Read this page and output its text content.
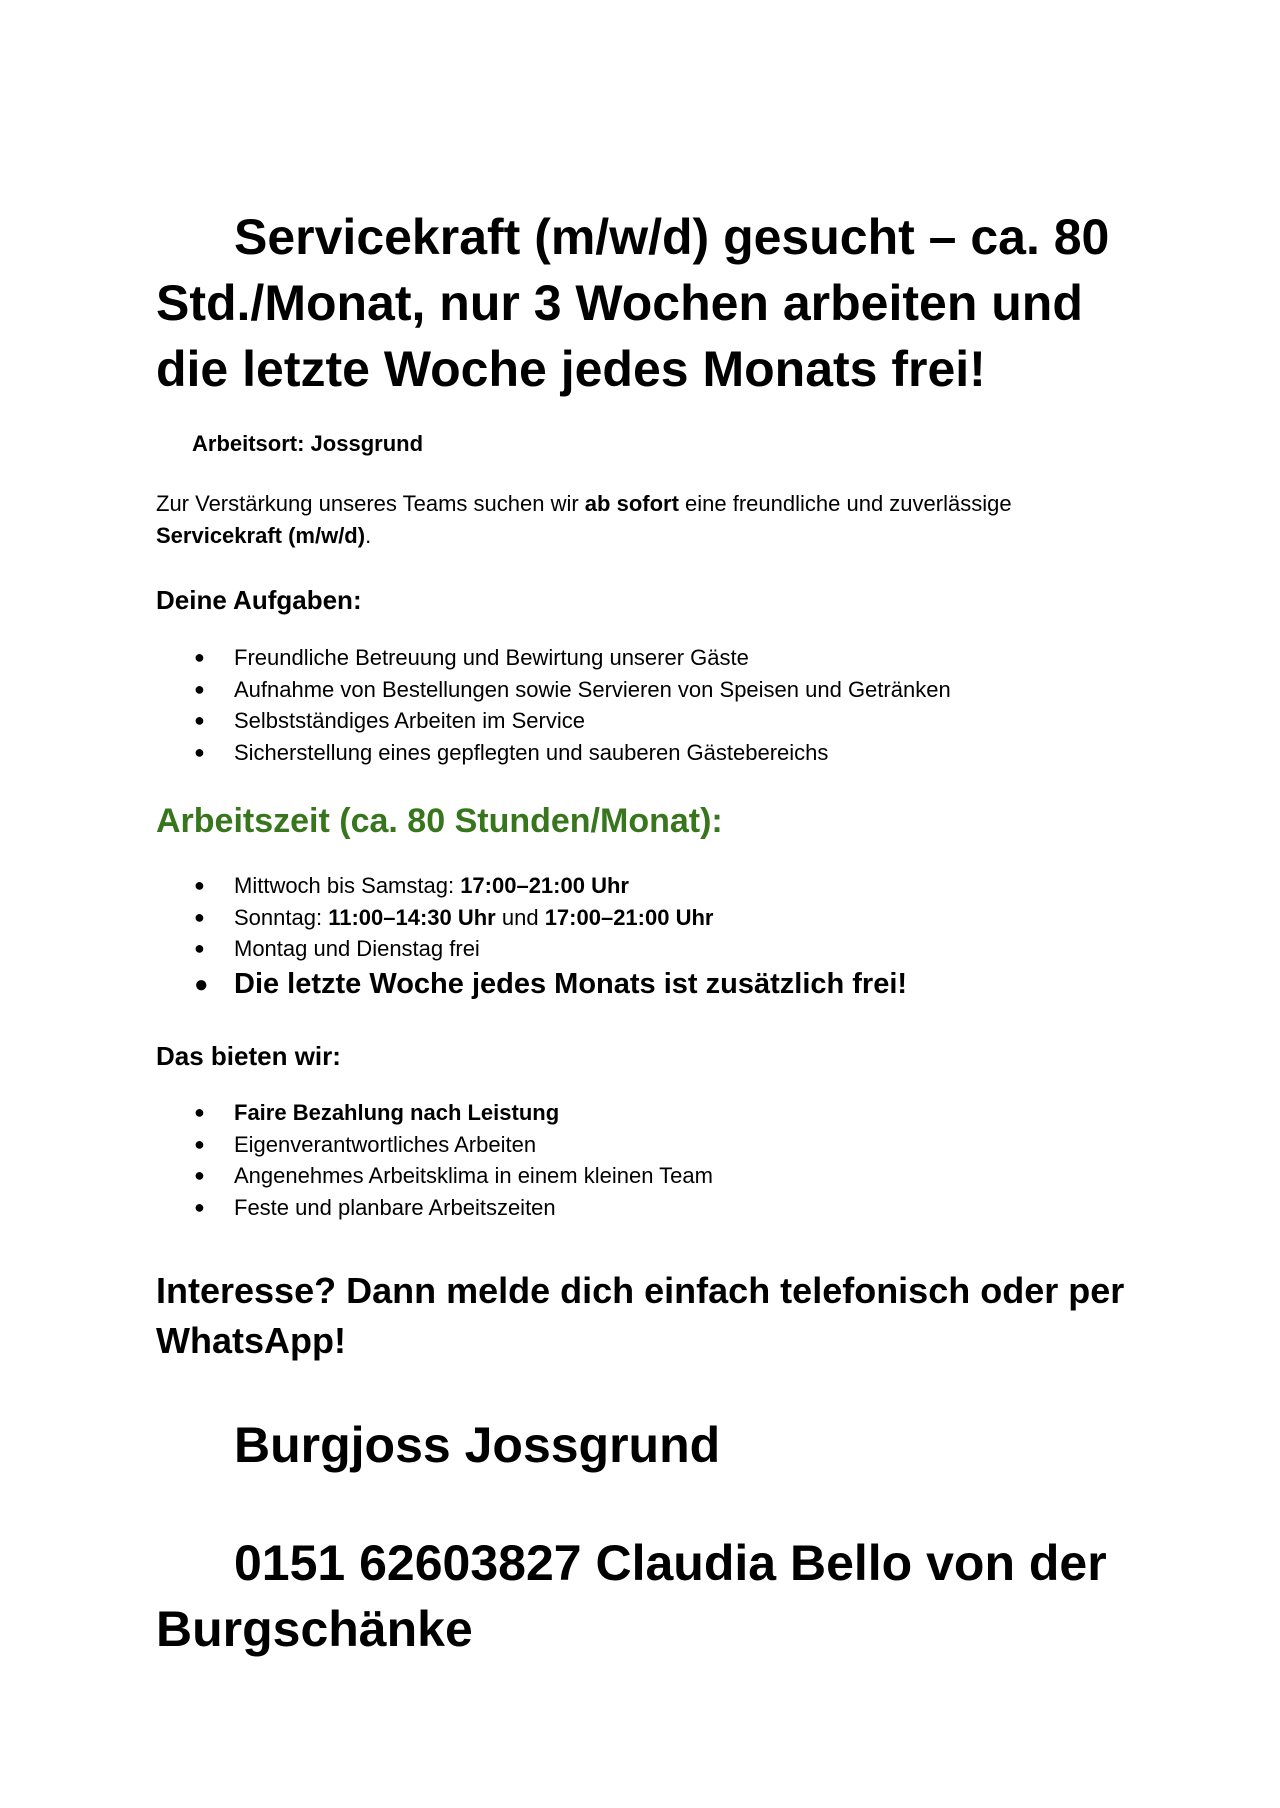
Servicekraft (m/w/d) gesucht – ca. 80 Std./Monat, nur 3 Wochen arbeiten und die letzte Woche jedes Monats frei!
Arbeitsort: Jossgrund

Zur Verstärkung unseres Teams suchen wir ab sofort eine freundliche und zuverlässige Servicekraft (m/w/d).

Deine Aufgaben:
● Freundliche Betreuung und Bewirtung unserer Gäste
● Aufnahme von Bestellungen sowie Servieren von Speisen und Getränken
● Selbstständiges Arbeiten im Service
● Sicherstellung eines gepflegten und sauberen Gästebereichs
Arbeitszeit (ca. 80 Stunden/Monat):
● Mittwoch bis Samstag: 17:00–21:00 Uhr
● Sonntag: 11:00–14:30 Uhr und 17:00–21:00 Uhr
● Montag und Dienstag frei
● Die letzte Woche jedes Monats ist zusätzlich frei!
Das bieten wir:
● Faire Bezahlung nach Leistung
● Eigenverantwortliches Arbeiten
● Angenehmes Arbeitsklima in einem kleinen Team
● Feste und planbare Arbeitszeiten
Interesse? Dann melde dich einfach telefonisch oder per WhatsApp!
Burgjoss Jossgrund
0151 62603827 Claudia Bello von der Burgschänke
